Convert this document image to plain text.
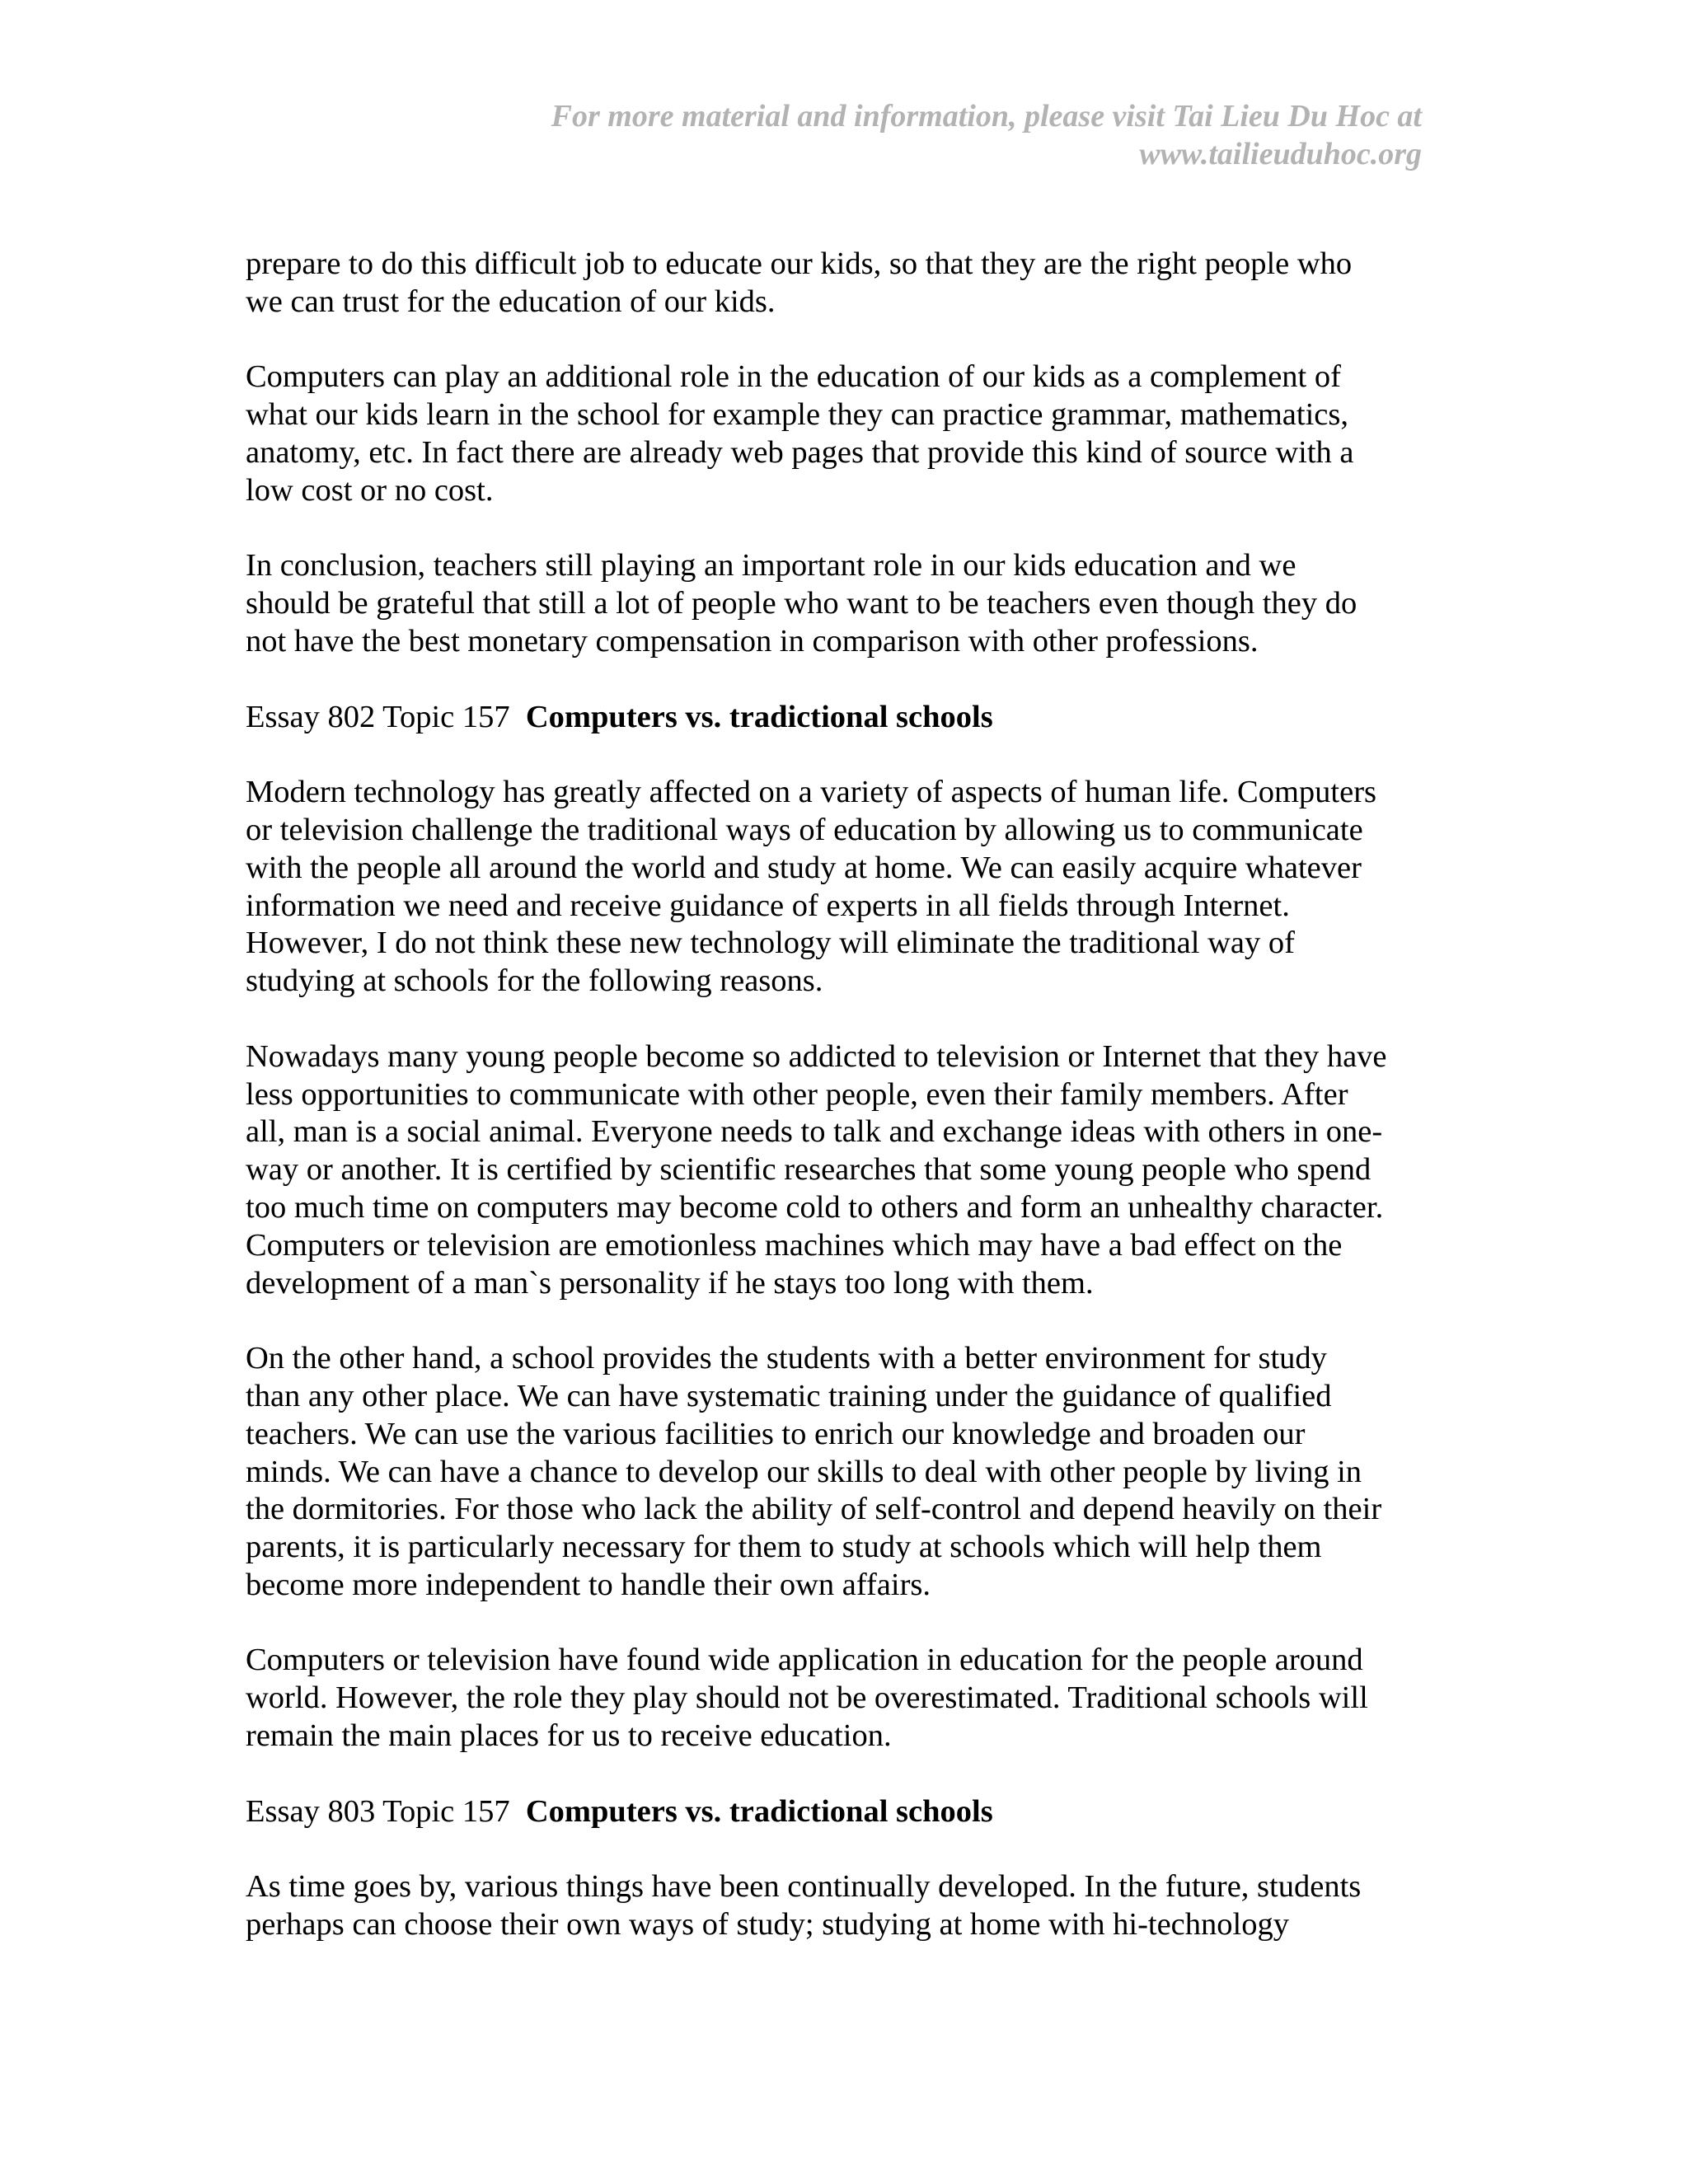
For more material and information, please visit Tai Lieu Du Hoc at
www.tailieuduhoc.org

prepare to do this difficult job to educate our kids, so that they are the right people who
we can trust for the education of our kids.

Computers can play an additional role in the education of our kids as a complement of
what our kids learn in the school for example they can practice grammar, mathematics,
anatomy, etc. In fact there are already web pages that provide this kind of source with a
low cost or no cost.

In conclusion, teachers still playing an important role in our kids education and we
should be grateful that still a lot of people who want to be teachers even though they do
not have the best monetary compensation in comparison with other professions.

Essay 802 Topic 157 Computers vs. tradictional schools

Modern technology has greatly affected on a variety of aspects of human life. Computers
or television challenge the traditional ways of education by allowing us to communicate
with the people all around the world and study at home. We can easily acquire whatever
information we need and receive guidance of experts in all fields through Internet.
However, I do not think these new technology will eliminate the traditional way of
studying at schools for the following reasons.

Nowadays many young people become so addicted to television or Internet that they have
less opportunities to communicate with other people, even their family members. After
all, man is a social animal. Everyone needs to talk and exchange ideas with others in one-
way or another. It is certified by scientific researches that some young people who spend
too much time on computers may become cold to others and form an unhealthy character.
Computers or television are emotionless machines which may have a bad effect on the
development of a man`s personality if he stays too long with them.

On the other hand, a school provides the students with a better environment for study
than any other place. We can have systematic training under the guidance of qualified
teachers. We can use the various facilities to enrich our knowledge and broaden our
minds. We can have a chance to develop our skills to deal with other people by living in
the dormitories. For those who lack the ability of self-control and depend heavily on their
parents, it is particularly necessary for them to study at schools which will help them
become more independent to handle their own affairs.

Computers or television have found wide application in education for the people around
world. However, the role they play should not be overestimated. Traditional schools will
remain the main places for us to receive education.

Essay 803 Topic 157 Computers vs. tradictional schools

As time goes by, various things have been continually developed. In the future, students
perhaps can choose their own ways of study; studying at home with hi-technology
